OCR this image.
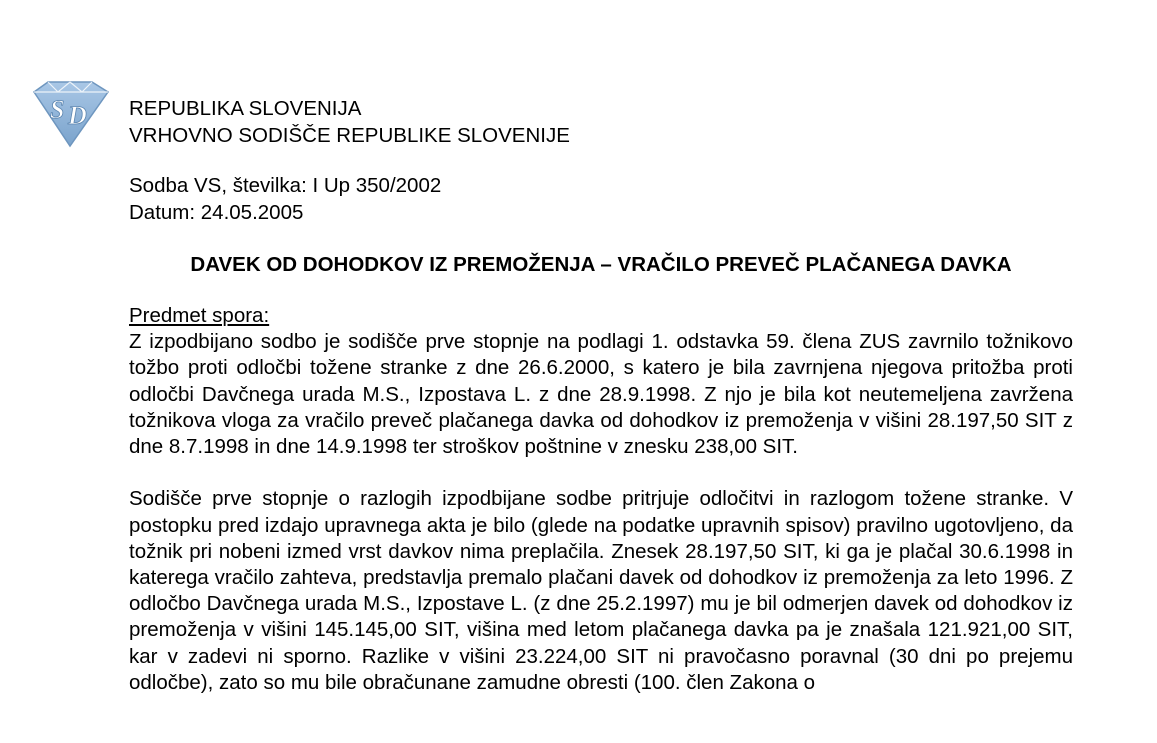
S D REPUBLIKA SLOVENIJA
VRHOVNO SODIŠČE REPUBLIKE SLOVENIJE
Sodba VS, številka: I Up 350/2002
Datum: 24.05.2005
DAVEK OD DOHODKOV IZ PREMOŽENJA – VRAČILO PREVEČ PLAČANEGA DAVKA
Predmet spora:

Z izpodbijano sodbo je sodišče prve stopnje na podlagi 1. odstavka 59. člena ZUS zavrnilo tožnikovo tožbo proti odločbi tožene stranke z dne 26.6.2000, s katero je bila zavrnjena njegova pritožba proti odločbi Davčnega urada M.S., Izpostava L. z dne 28.9.1998. Z njo je bila kot neutemeljena zavržena tožnikova vloga za vračilo preveč plačanega davka od dohodkov iz premoženja v višini 28.197,50 SIT z dne 8.7.1998 in dne 14.9.1998 ter stroškov poštnine v znesku 238,00 SIT.

Sodišče prve stopnje o razlogih izpodbijane sodbe pritrjuje odločitvi in razlogom tožene stranke. V postopku pred izdajo upravnega akta je bilo (glede na podatke upravnih spisov) pravilno ugotovljeno, da tožnik pri nobeni izmed vrst davkov nima preplačila. Znesek 28.197,50 SIT, ki ga je plačal 30.6.1998 in katerega vračilo zahteva, predstavlja premalo plačani davek od dohodkov iz premoženja za leto 1996. Z odločbo Davčnega urada M.S., Izpostave L. (z dne 25.2.1997) mu je bil odmerjen davek od dohodkov iz premoženja v višini 145.145,00 SIT, višina med letom plačanega davka pa je znašala 121.921,00 SIT, kar v zadevi ni sporno. Razlike v višini 23.224,00 SIT ni pravočasno poravnal (30 dni po prejemu odločbe), zato so mu bile obračunane zamudne obresti (100. člen Zakona o
